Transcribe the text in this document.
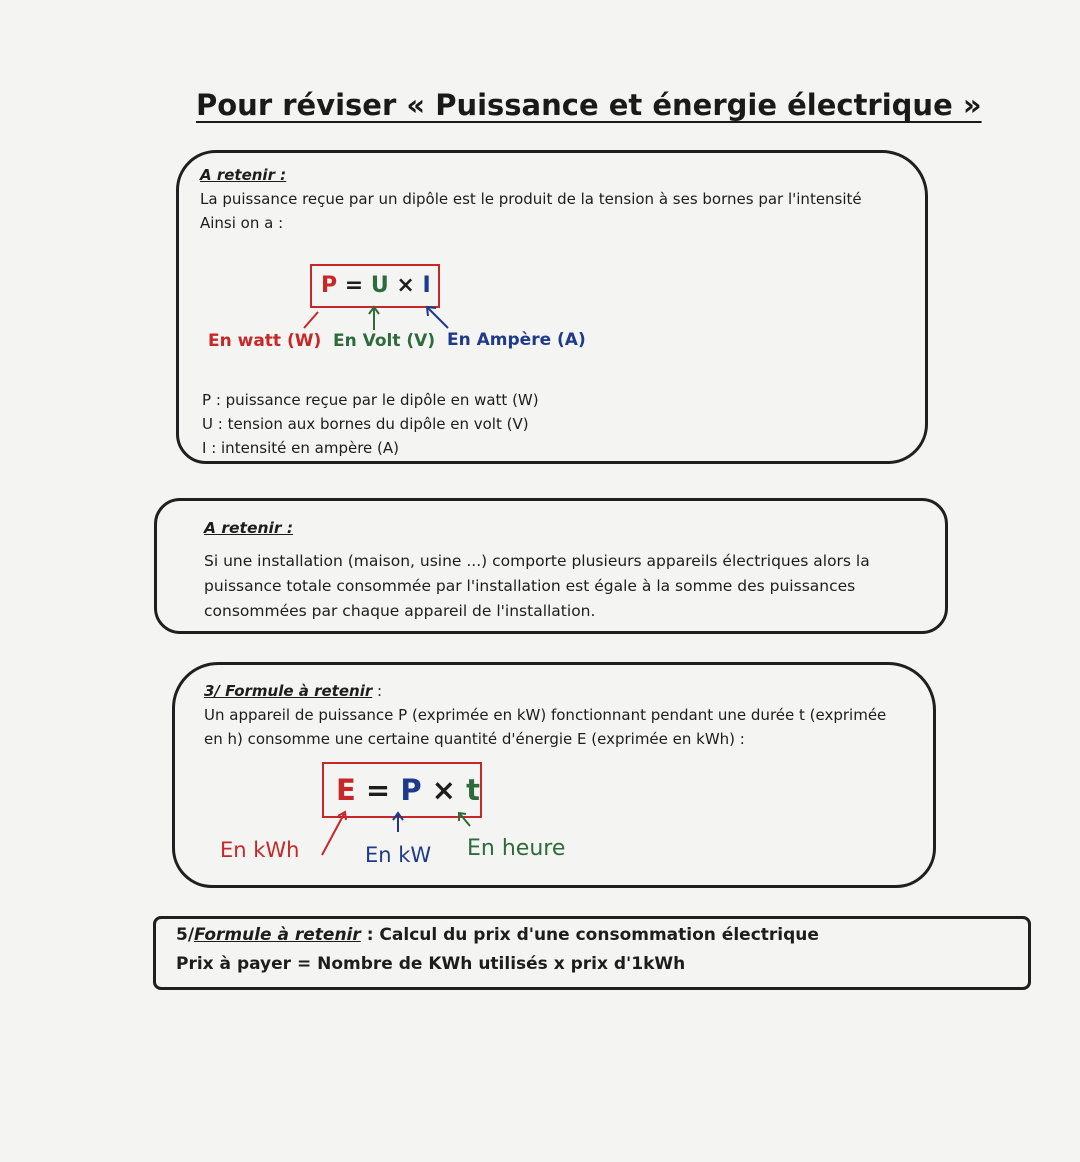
Pour réviser « Puissance et énergie électrique »
A retenir :
La puissance reçue par un dipôle est le produit de la tension à ses bornes par l'intensité
Ainsi on a :
P = U × I
En watt (W) En Volt (V) En Ampère (A)
P : puissance reçue par le dipôle en watt (W)
U : tension aux bornes du dipôle en volt (V)
I : intensité en ampère (A)
A retenir :
Si une installation (maison, usine ...) comporte plusieurs appareils électriques alors la
puissance totale consommée par l'installation est égale à la somme des puissances
consommées par chaque appareil de l'installation.
3/ Formule à retenir :
Un appareil de puissance P (exprimée en kW) fonctionnant pendant une durée t (exprimée
en h) consomme une certaine quantité d'énergie E (exprimée en kWh) :
E = P × t
En kWh	En kW En heure
5/Formule à retenir : Calcul du prix d'une consommation électrique
Prix à payer = Nombre de KWh utilisés x prix d'1kWh
